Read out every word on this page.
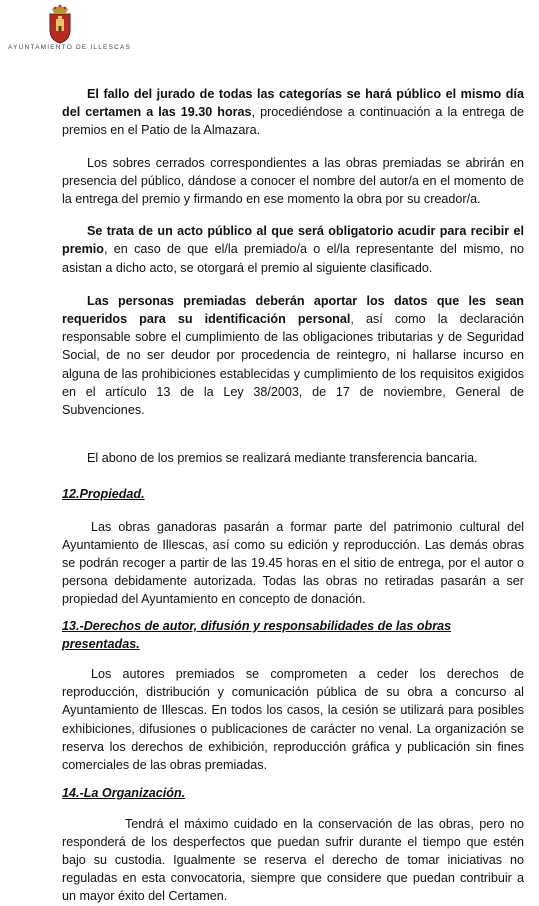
AYUNTAMIENTO DE ILLESCAS

El fallo del jurado de todas las categorías se hará público el mismo día del certamen a las 19.30 horas, procediéndose a continuación a la entrega de premios en el Patio de la Almazara.

Los sobres cerrados correspondientes a las obras premiadas se abrirán en presencia del público, dándose a conocer el nombre del autor/a en el momento de la entrega del premio y firmando en ese momento la obra por su creador/a.

Se trata de un acto público al que será obligatorio acudir para recibir el premio, en caso de que el/la premiado/a o el/la representante del mismo, no asistan a dicho acto, se otorgará el premio al siguiente clasificado.

Las personas premiadas deberán aportar los datos que les sean requeridos para su identificación personal, así como la declaración responsable sobre el cumplimiento de las obligaciones tributarias y de Seguridad Social, de no ser deudor por procedencia de reintegro, ni hallarse incurso en alguna de las prohibiciones establecidas y cumplimiento de los requisitos exigidos en el artículo 13 de la Ley 38/2003, de 17 de noviembre, General de Subvenciones.

El abono de los premios se realizará mediante transferencia bancaria.

12.Propiedad.

Las obras ganadoras pasarán a formar parte del patrimonio cultural del Ayuntamiento de Illescas, así como su edición y reproducción. Las demás obras se podrán recoger a partir de las 19.45 horas en el sitio de entrega, por el autor o persona debidamente autorizada. Todas las obras no retiradas pasarán a ser propiedad del Ayuntamiento en concepto de donación.

13.-Derechos de autor, difusión y responsabilidades de las obras presentadas.

Los autores premiados se comprometen a ceder los derechos de reproducción, distribución y comunicación pública de su obra a concurso al Ayuntamiento de Illescas. En todos los casos, la cesión se utilizará para posibles exhibiciones, difusiones o publicaciones de carácter no venal. La organización se reserva los derechos de exhibición, reproducción gráfica y publicación sin fines comerciales de las obras premiadas.

14.-La Organización.

Tendrá el máximo cuidado en la conservación de las obras, pero no responderá de los desperfectos que puedan sufrir durante el tiempo que estén bajo su custodia. Igualmente se reserva el derecho de tomar iniciativas no reguladas en esta convocatoria, siempre que considere que puedan contribuir a un mayor éxito del Certamen.
